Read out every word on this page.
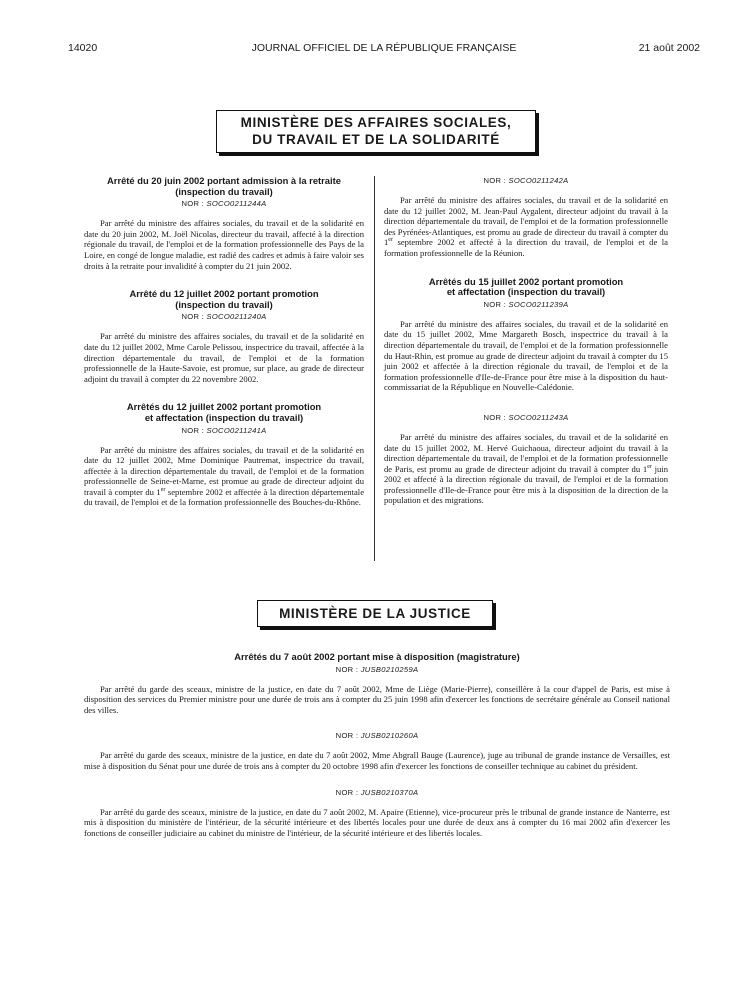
14020	JOURNAL OFFICIEL DE LA RÉPUBLIQUE FRANÇAISE	21 août 2002
MINISTÈRE DES AFFAIRES SOCIALES,
DU TRAVAIL ET DE LA SOLIDARITÉ
Arrêté du 20 juin 2002 portant admission à la retraite
(inspection du travail)
NOR : SOCO0211244A

Par arrêté du ministre des affaires sociales, du travail et de la solidarité en date du 20 juin 2002, M. Joël Nicolas, directeur du travail, affecté à la direction régionale du travail, de l'emploi et de la formation professionnelle des Pays de la Loire, en congé de longue maladie, est radié des cadres et admis à faire valoir ses droits à la retraite pour invalidité à compter du 21 juin 2002.

Arrêté du 12 juillet 2002 portant promotion
(inspection du travail)
NOR : SOCO0211240A

Par arrêté du ministre des affaires sociales, du travail et de la solidarité en date du 12 juillet 2002, Mme Carole Pelissou, inspectrice du travail, affectée à la direction départementale du travail, de l'emploi et de la formation professionnelle de la Haute-Savoie, est promue, sur place, au grade de directeur adjoint du travail à compter du 22 novembre 2002.

Arrêtés du 12 juillet 2002 portant promotion
et affectation (inspection du travail)
NOR : SOCO0211241A

Par arrêté du ministre des affaires sociales, du travail et de la solidarité en date du 12 juillet 2002, Mme Dominique Pautremat, inspectrice du travail, affectée à la direction départementale du travail, de l'emploi et de la formation professionnelle de Seine-et-Marne, est promue au grade de directeur adjoint du travail à compter du 1er septembre 2002 et affectée à la direction départementale du travail, de l'emploi et de la formation professionnelle des Bouches-du-Rhône.

NOR : SOCO0211242A

Par arrêté du ministre des affaires sociales, du travail et de la solidarité en date du 12 juillet 2002, M. Jean-Paul Aygalent, directeur adjoint du travail à la direction départementale du travail, de l'emploi et de la formation professionnelle des Pyrénées-Atlantiques, est promu au grade de directeur du travail à compter du 1er septembre 2002 et affecté à la direction du travail, de l'emploi et de la formation professionnelle de la Réunion.

Arrêtés du 15 juillet 2002 portant promotion
et affectation (inspection du travail)
NOR : SOCO0211239A

Par arrêté du ministre des affaires sociales, du travail et de la solidarité en date du 15 juillet 2002, Mme Margareth Bosch, inspectrice du travail à la direction départementale du travail, de l'emploi et de la formation professionnelle du Haut-Rhin, est promue au grade de directeur adjoint du travail à compter du 15 juin 2002 et affectée à la direction régionale du travail, de l'emploi et de la formation professionnelle d'Ile-de-France pour être mise à la disposition du haut-commissariat de la République en Nouvelle-Calédonie.

NOR : SOCO0211243A

Par arrêté du ministre des affaires sociales, du travail et de la solidarité en date du 15 juillet 2002, M. Hervé Guichaoua, directeur adjoint du travail à la direction départementale du travail, de l'emploi et de la formation professionnelle de Paris, est promu au grade de directeur adjoint du travail à compter du 1er juin 2002 et affecté à la direction régionale du travail, de l'emploi et de la formation professionnelle d'Ile-de-France pour être mis à la disposition de la direction de la population et des migrations.

MINISTÈRE DE LA JUSTICE
Arrêtés du 7 août 2002 portant mise à disposition (magistrature)
NOR : JUSB0210259A

Par arrêté du garde des sceaux, ministre de la justice, en date du 7 août 2002, Mme de Liège (Marie-Pierre), conseillère à la cour d'appel de Paris, est mise à disposition des services du Premier ministre pour une durée de trois ans à compter du 25 juin 1998 afin d'exercer les fonctions de secrétaire générale au Conseil national des villes.

NOR : JUSB0210260A

Par arrêté du garde des sceaux, ministre de la justice, en date du 7 août 2002, Mme Abgrall Bauge (Laurence), juge au tribunal de grande instance de Versailles, est mise à disposition du Sénat pour une durée de trois ans à compter du 20 octobre 1998 afin d'exercer les fonctions de conseiller technique au cabinet du président.

NOR : JUSB0210370A

Par arrêté du garde des sceaux, ministre de la justice, en date du 7 août 2002, M. Apaire (Etienne), vice-procureur près le tribunal de grande instance de Nanterre, est mis à disposition du ministère de l'intérieur, de la sécurité intérieure et des libertés locales pour une durée de deux ans à compter du 16 mai 2002 afin d'exercer les fonctions de conseiller judiciaire au cabinet du ministre de l'intérieur, de la sécurité intérieure et des libertés locales.
